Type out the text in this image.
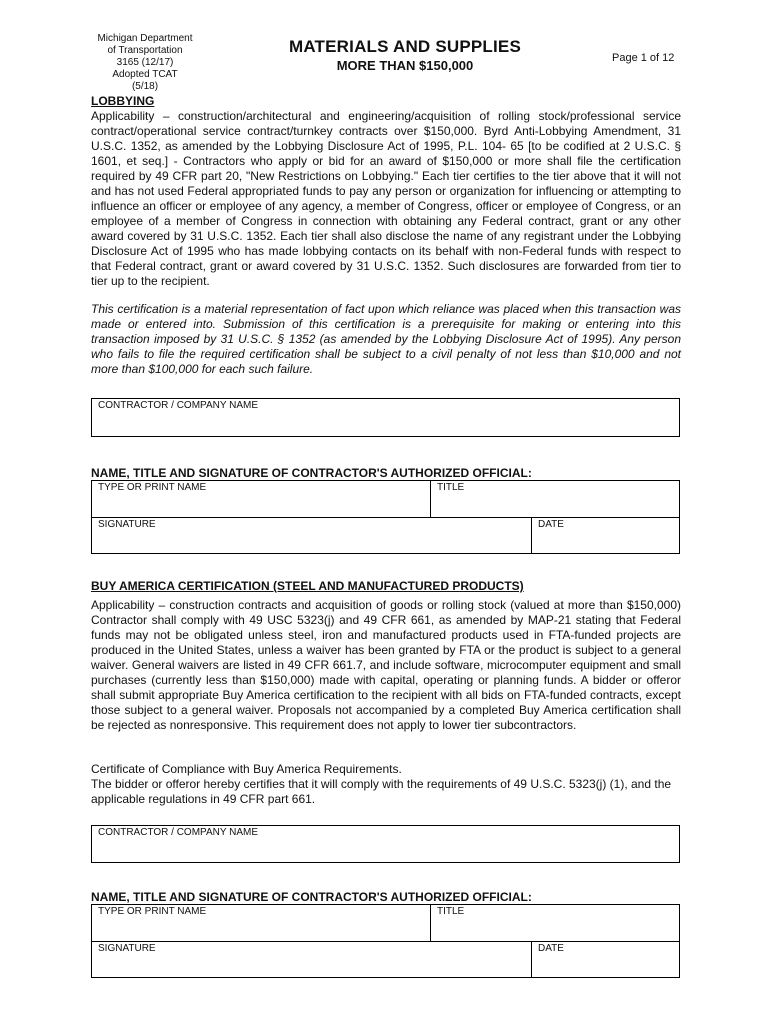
Michigan Department
of Transportation
3165 (12/17)
Adopted TCAT
(5/18)
MATERIALS AND SUPPLIES
MORE THAN $150,000	Page 1 of 12
LOBBYING
Applicability – construction/architectural and engineering/acquisition of rolling stock/professional service contract/operational service contract/turnkey contracts over $150,000. Byrd Anti-Lobbying Amendment, 31 U.S.C. 1352, as amended by the Lobbying Disclosure Act of 1995, P.L. 104- 65 [to be codified at 2 U.S.C. § 1601, et seq.] - Contractors who apply or bid for an award of $150,000 or more shall file the certification required by 49 CFR part 20, "New Restrictions on Lobbying." Each tier certifies to the tier above that it will not and has not used Federal appropriated funds to pay any person or organization for influencing or attempting to influence an officer or employee of any agency, a member of Congress, officer or employee of Congress, or an employee of a member of Congress in connection with obtaining any Federal contract, grant or any other award covered by 31 U.S.C. 1352. Each tier shall also disclose the name of any registrant under the Lobbying Disclosure Act of 1995 who has made lobbying contacts on its behalf with non-Federal funds with respect to that Federal contract, grant or award covered by 31 U.S.C. 1352. Such disclosures are forwarded from tier to tier up to the recipient.
This certification is a material representation of fact upon which reliance was placed when this transaction was made or entered into. Submission of this certification is a prerequisite for making or entering into this transaction imposed by 31 U.S.C. § 1352 (as amended by the Lobbying Disclosure Act of 1995). Any person who fails to file the required certification shall be subject to a civil penalty of not less than $10,000 and not more than $100,000 for each such failure.
CONTRACTOR / COMPANY NAME
NAME, TITLE AND SIGNATURE OF CONTRACTOR'S AUTHORIZED OFFICIAL:
TYPE OR PRINT NAME	TITLE
SIGNATURE	DATE
BUY AMERICA CERTIFICATION (STEEL AND MANUFACTURED PRODUCTS)
Applicability – construction contracts and acquisition of goods or rolling stock (valued at more than $150,000) Contractor shall comply with 49 USC 5323(j) and 49 CFR 661, as amended by MAP-21 stating that Federal funds may not be obligated unless steel, iron and manufactured products used in FTA-funded projects are produced in the United States, unless a waiver has been granted by FTA or the product is subject to a general waiver. General waivers are listed in 49 CFR 661.7, and include software, microcomputer equipment and small purchases (currently less than $150,000) made with capital, operating or planning funds. A bidder or offeror shall submit appropriate Buy America certification to the recipient with all bids on FTA-funded contracts, except those subject to a general waiver. Proposals not accompanied by a completed Buy America certification shall be rejected as nonresponsive. This requirement does not apply to lower tier subcontractors.
Certificate of Compliance with Buy America Requirements.
The bidder or offeror hereby certifies that it will comply with the requirements of 49 U.S.C. 5323(j) (1), and the applicable regulations in 49 CFR part 661.
CONTRACTOR / COMPANY NAME
NAME, TITLE AND SIGNATURE OF CONTRACTOR'S AUTHORIZED OFFICIAL:
TYPE OR PRINT NAME	TITLE
SIGNATURE	DATE
